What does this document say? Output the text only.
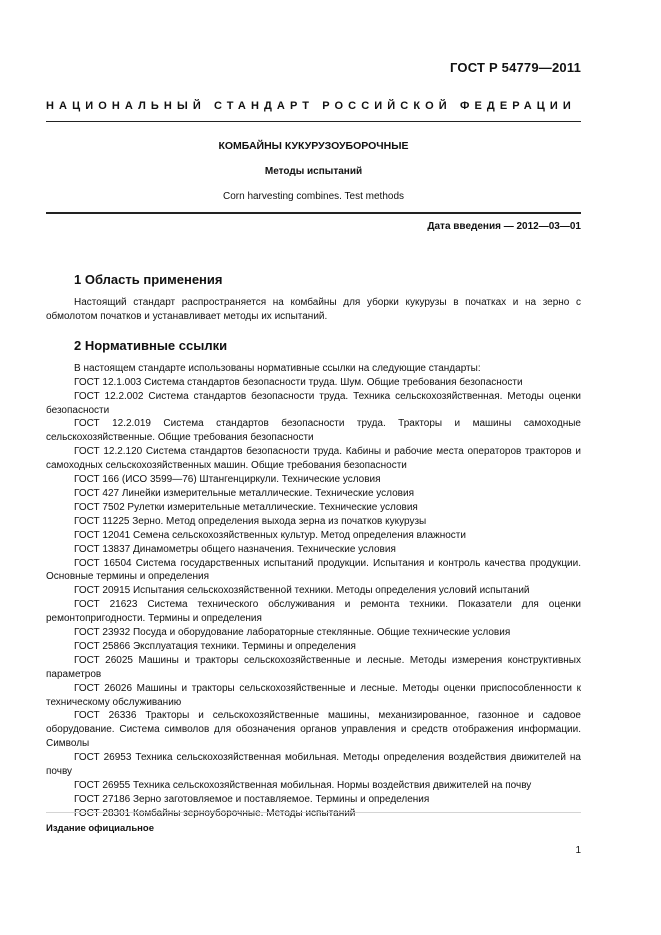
ГОСТ Р 54779—2011
НАЦИОНАЛЬНЫЙ СТАНДАРТ РОССИЙСКОЙ ФЕДЕРАЦИИ
КОМБАЙНЫ КУКУРУЗОУБОРОЧНЫЕ
Методы испытаний
Corn harvesting combines. Test methods
Дата введения — 2012—03—01
1 Область применения

Настоящий стандарт распространяется на комбайны для уборки кукурузы в початках и на зерно с обмолотом початков и устанавливает методы их испытаний.

2 Нормативные ссылки

В настоящем стандарте использованы нормативные ссылки на следующие стандарты:

ГОСТ 12.1.003 Система стандартов безопасности труда. Шум. Общие требования безопасности
ГОСТ 12.2.002 Система стандартов безопасности труда. Техника сельскохозяйственная. Методы оценки безопасности
ГОСТ 12.2.019 Система стандартов безопасности труда. Тракторы и машины самоходные сельскохозяйственные. Общие требования безопасности
ГОСТ 12.2.120 Система стандартов безопасности труда. Кабины и рабочие места операторов тракторов и самоходных сельскохозяйственных машин. Общие требования безопасности
ГОСТ 166 (ИСО 3599—76) Штангенциркули. Технические условия
ГОСТ 427 Линейки измерительные металлические. Технические условия
ГОСТ 7502 Рулетки измерительные металлические. Технические условия
ГОСТ 11225 Зерно. Метод определения выхода зерна из початков кукурузы
ГОСТ 12041 Семена сельскохозяйственных культур. Метод определения влажности
ГОСТ 13837 Динамометры общего назначения. Технические условия
ГОСТ 16504 Система государственных испытаний продукции. Испытания и контроль качества продукции. Основные термины и определения
ГОСТ 20915 Испытания сельскохозяйственной техники. Методы определения условий испытаний
ГОСТ 21623 Система технического обслуживания и ремонта техники. Показатели для оценки ремонтопригодности. Термины и определения
ГОСТ 23932 Посуда и оборудование лабораторные стеклянные. Общие технические условия
ГОСТ 25866 Эксплуатация техники. Термины и определения
ГОСТ 26025 Машины и тракторы сельскохозяйственные и лесные. Методы измерения конструктивных параметров
ГОСТ 26026 Машины и тракторы сельскохозяйственные и лесные. Методы оценки приспособленности к техническому обслуживанию
ГОСТ 26336 Тракторы и сельскохозяйственные машины, механизированное, газонное и садовое оборудование. Система символов для обозначения органов управления и средств отображения информации. Символы
ГОСТ 26953 Техника сельскохозяйственная мобильная. Методы определения воздействия движителей на почву
ГОСТ 26955 Техника сельскохозяйственная мобильная. Нормы воздействия движителей на почву
ГОСТ 27186 Зерно заготовляемое и поставляемое. Термины и определения
ГОСТ 28301 Комбайны зерноуборочные. Методы испытаний
Издание официальное
1
